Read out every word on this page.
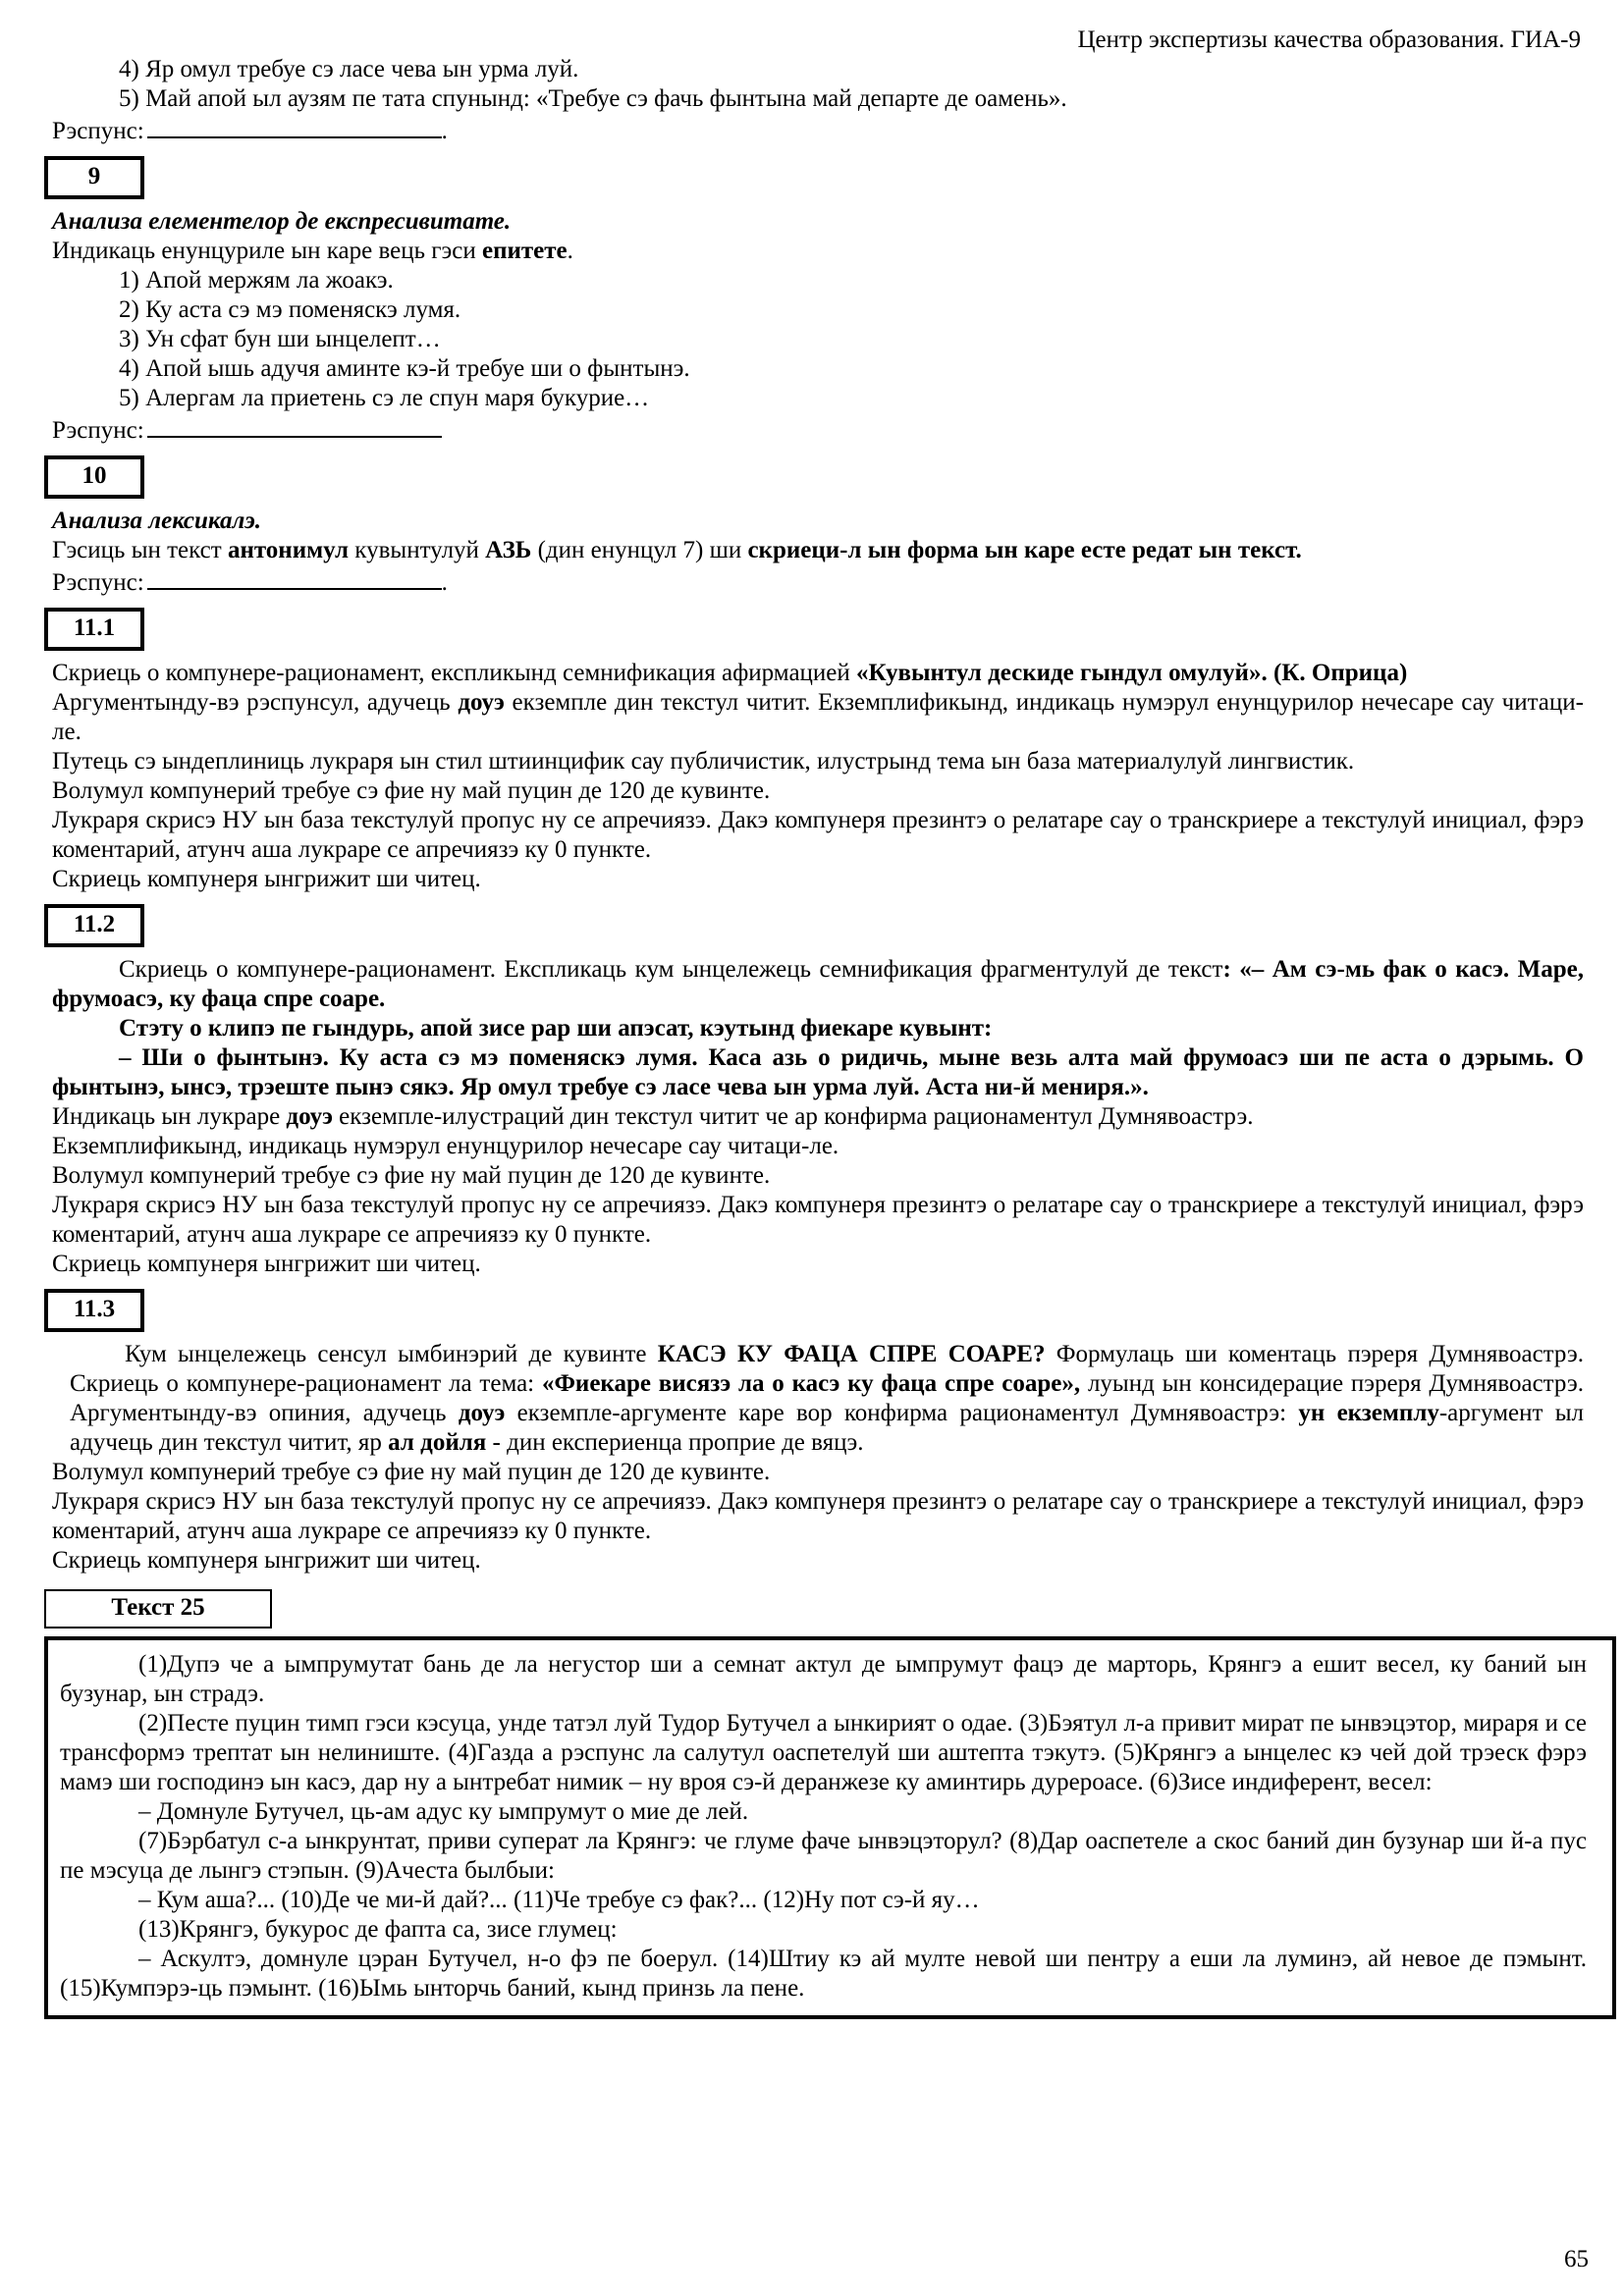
Центр экспертизы качества образования. ГИА-9
4) Яр омул требуе сэ ласе чева ын урма луй.
5) Май апой ыл аузям пе тата спунынд: «Требуе сэ фачь фынтына май департе де оамень».
Рэспунс:	.
9
Анализа елементелор де експресивитате.
Индикаць енунцуриле ын каре вець гэси епитете.
1) Апой мержям ла жоакэ.
2) Ку аста сэ мэ поменяскэ лумя.
3) Ун сфат бун ши ынцелепт…
4) Апой ышь адучя аминте кэ-й требуе ши о фынтынэ.
5) Алергам ла приетень сэ ле спун маря букурие…
Рэспунс:
10
Анализа лексикалэ.
Гэсиць ын текст антонимул кувынтулуй АЗЬ (дин енунцул 7) ши скриеци-л ын форма ын каре есте редат ын текст.
Рэспунс:	.
11.1
Скриець о компунере-рационамент, експликынд семнификация афирмацией «Кувынтул дескиде гындул омулуй». (К. Оприца)
Аргументынду-вэ рэспунсул, адучець доуэ екземпле дин текстул читит. Екземплификынд, индикаць нумэрул енунцурилор нечесаре сау читаци-ле.
Путець сэ ындеплиниць лукраря ын стил штиинцифик сау публичистик, илустрынд тема ын база материалулуй лингвистик.
Волумул компунерий требуе сэ фие ну май пуцин де 120 де кувинте.
Лукраря скрисэ НУ ын база текстулуй пропус ну се апречиязэ. Дакэ компунеря презинтэ о релатаре сау о транскриере а текстулуй инициал, фэрэ коментарий, атунч аша лукраре се апречиязэ ку 0 пункте.
Скриець компунеря ынгрижит ши читец.
11.2
Скриець о компунере-рационамент. Експликаць кум ынцележець семнификация фрагментулуй де текст: «– Ам сэ-мь фак о касэ. Маре, фрумоасэ, ку фаца спре соаре.
Стэту о клипэ пе гындурь, апой зисе рар ши апэсат, кэутынд фиекаре кувынт:
– Ши о фынтынэ. Ку аста сэ мэ поменяскэ лумя. Каса азь о ридичь, мыне везь алта май фрумоасэ ши пе аста о дэрымь. О фынтынэ, ынсэ, трэеште пынэ сякэ. Яр омул требуе сэ ласе чева ын урма луй. Аста ни-й мениря.».
Индикаць ын лукраре доуэ екземпле-илустраций дин текстул читит че ар конфирма рационаментул Думнявоастрэ.
Екземплификынд, индикаць нумэрул енунцурилор нечесаре сау читаци-ле.
Волумул компунерий требуе сэ фие ну май пуцин де 120 де кувинте.
Лукраря скрисэ НУ ын база текстулуй пропус ну се апречиязэ. Дакэ компунеря презинтэ о релатаре сау о транскриере а текстулуй инициал, фэрэ коментарий, атунч аша лукраре се апречиязэ ку 0 пункте.
Скриець компунеря ынгрижит ши читец.
11.3
Кум ынцележець сенсул ымбинэрий де кувинте КАСЭ КУ ФАЦА СПРЕ СОАРЕ? Формулаць ши коментаць пэреря Думнявоастрэ. Скриець о компунере-рационамент ла тема: «Фиекаре висязэ ла о касэ ку фаца спре соаре», луынд ын консидерацие пэреря Думнявоастрэ. Аргументынду-вэ опиния, адучець доуэ екземпле-аргументе каре вор конфирма рационаментул Думнявоастрэ: ун екземплу-аргумент ыл адучець дин текстул читит, яр ал дойля - дин експериенца проприе де вяцэ.
Волумул компунерий требуе сэ фие ну май пуцин де 120 де кувинте.
Лукраря скрисэ НУ ын база текстулуй пропус ну се апречиязэ. Дакэ компунеря презинтэ о релатаре сау о транскриере а текстулуй инициал, фэрэ коментарий, атунч аша лукраре се апречиязэ ку 0 пункте.
Скриець компунеря ынгрижит ши читец.
Текст 25
(1)Дупэ че а ымпрумутат бань де ла негустор ши а семнат актул де ымпрумут фацэ де марторь, Крянгэ а ешит весел, ку баний ын бузунар, ын страдэ.
(2)Песте пуцин тимп гэси кэсуца, унде татэл луй Тудор Бутучел а ынкирият о одае. (3)Бэятул л-а привит мират пе ынвэцэтор, мираря и се трансформэ трептат ын нелиниште. (4)Газда а рэспунс ла салутул оаспетелуй ши аштепта тэкутэ. (5)Крянгэ а ынцелес кэ чей дой трэеск фэрэ мамэ ши господинэ ын касэ, дар ну а ынтребат нимик – ну вроя сэ-й деранжезе ку аминтирь дурероасе. (6)Зисе индиферент, весел:
– Домнуле Бутучел, ць-ам адус ку ымпрумут о мие де лей.
(7)Бэрбатул с-а ынкрунтат, приви суперат ла Крянгэ: че глуме фаче ынвэцэторул? (8)Дар оаспетеле а скос баний дин бузунар ши й-а пус пе мэсуца де лынгэ стэпын. (9)Ачеста былбыи:
– Кум аша?... (10)Де че ми-й дай?... (11)Че требуе сэ фак?... (12)Ну пот сэ-й яу…
(13)Крянгэ, букурос де фапта са, зисе глумец:
– Аскултэ, домнуле цэран Бутучел, н-о фэ пе боерул. (14)Штиу кэ ай мулте невой ши пентру а еши ла луминэ, ай невое де пэмынт. (15)Кумпэрэ-ць пэмынт. (16)Ымь ынторчь баний, кынд принзь ла пене.
65
